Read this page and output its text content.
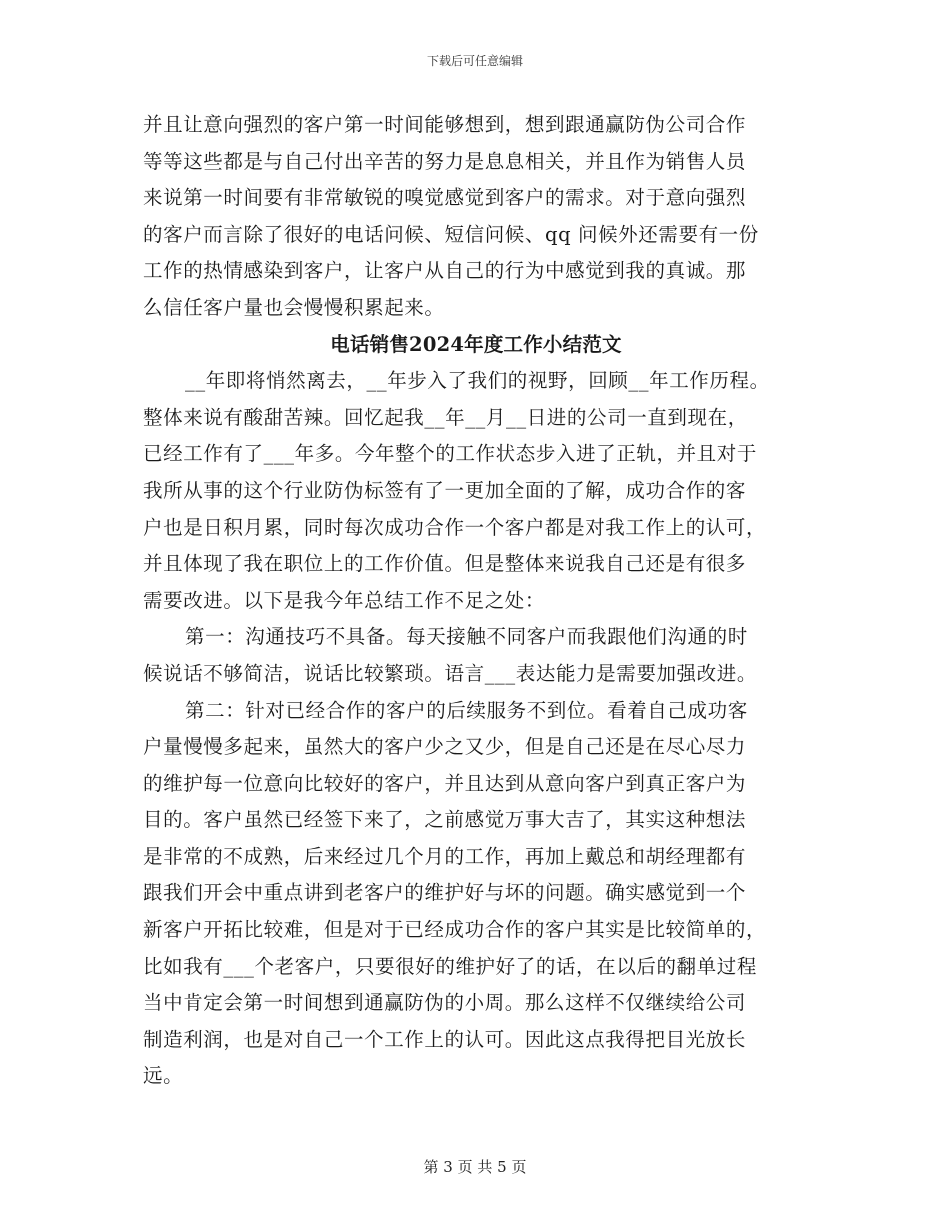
下载后可任意编辑
并且让意向强烈的客户第一时间能够想到，想到跟通赢防伪公司合作
等等这些都是与自己付出辛苦的努力是息息相关，并且作为销售人员
来说第一时间要有非常敏锐的嗅觉感觉到客户的需求。对于意向强烈
的客户而言除了很好的电话问候、短信问候、qq 问候外还需要有一份
工作的热情感染到客户，让客户从自己的行为中感觉到我的真诚。那
么信任客户量也会慢慢积累起来。
电话销售2024年度工作小结范文
__年即将悄然离去，__年步入了我们的视野，回顾__年工作历程。
整体来说有酸甜苦辣。回忆起我__年__月__日进的公司一直到现在，
已经工作有了___年多。今年整个的工作状态步入进了正轨，并且对于
我所从事的这个行业防伪标签有了一更加全面的了解，成功合作的客
户也是日积月累，同时每次成功合作一个客户都是对我工作上的认可，
并且体现了我在职位上的工作价值。但是整体来说我自己还是有很多
需要改进。以下是我今年总结工作不足之处：
第一：沟通技巧不具备。每天接触不同客户而我跟他们沟通的时
候说话不够简洁，说话比较繁琐。语言___表达能力是需要加强改进。
第二：针对已经合作的客户的后续服务不到位。看着自己成功客
户量慢慢多起来，虽然大的客户少之又少，但是自己还是在尽心尽力
的维护每一位意向比较好的客户，并且达到从意向客户到真正客户为
目的。客户虽然已经签下来了，之前感觉万事大吉了，其实这种想法
是非常的不成熟，后来经过几个月的工作，再加上戴总和胡经理都有
跟我们开会中重点讲到老客户的维护好与坏的问题。确实感觉到一个
新客户开拓比较难，但是对于已经成功合作的客户其实是比较简单的，
比如我有___个老客户，只要很好的维护好了的话，在以后的翻单过程
当中肯定会第一时间想到通赢防伪的小周。那么这样不仅继续给公司
制造利润，也是对自己一个工作上的认可。因此这点我得把目光放长
远。
第 3 页 共 5 页
